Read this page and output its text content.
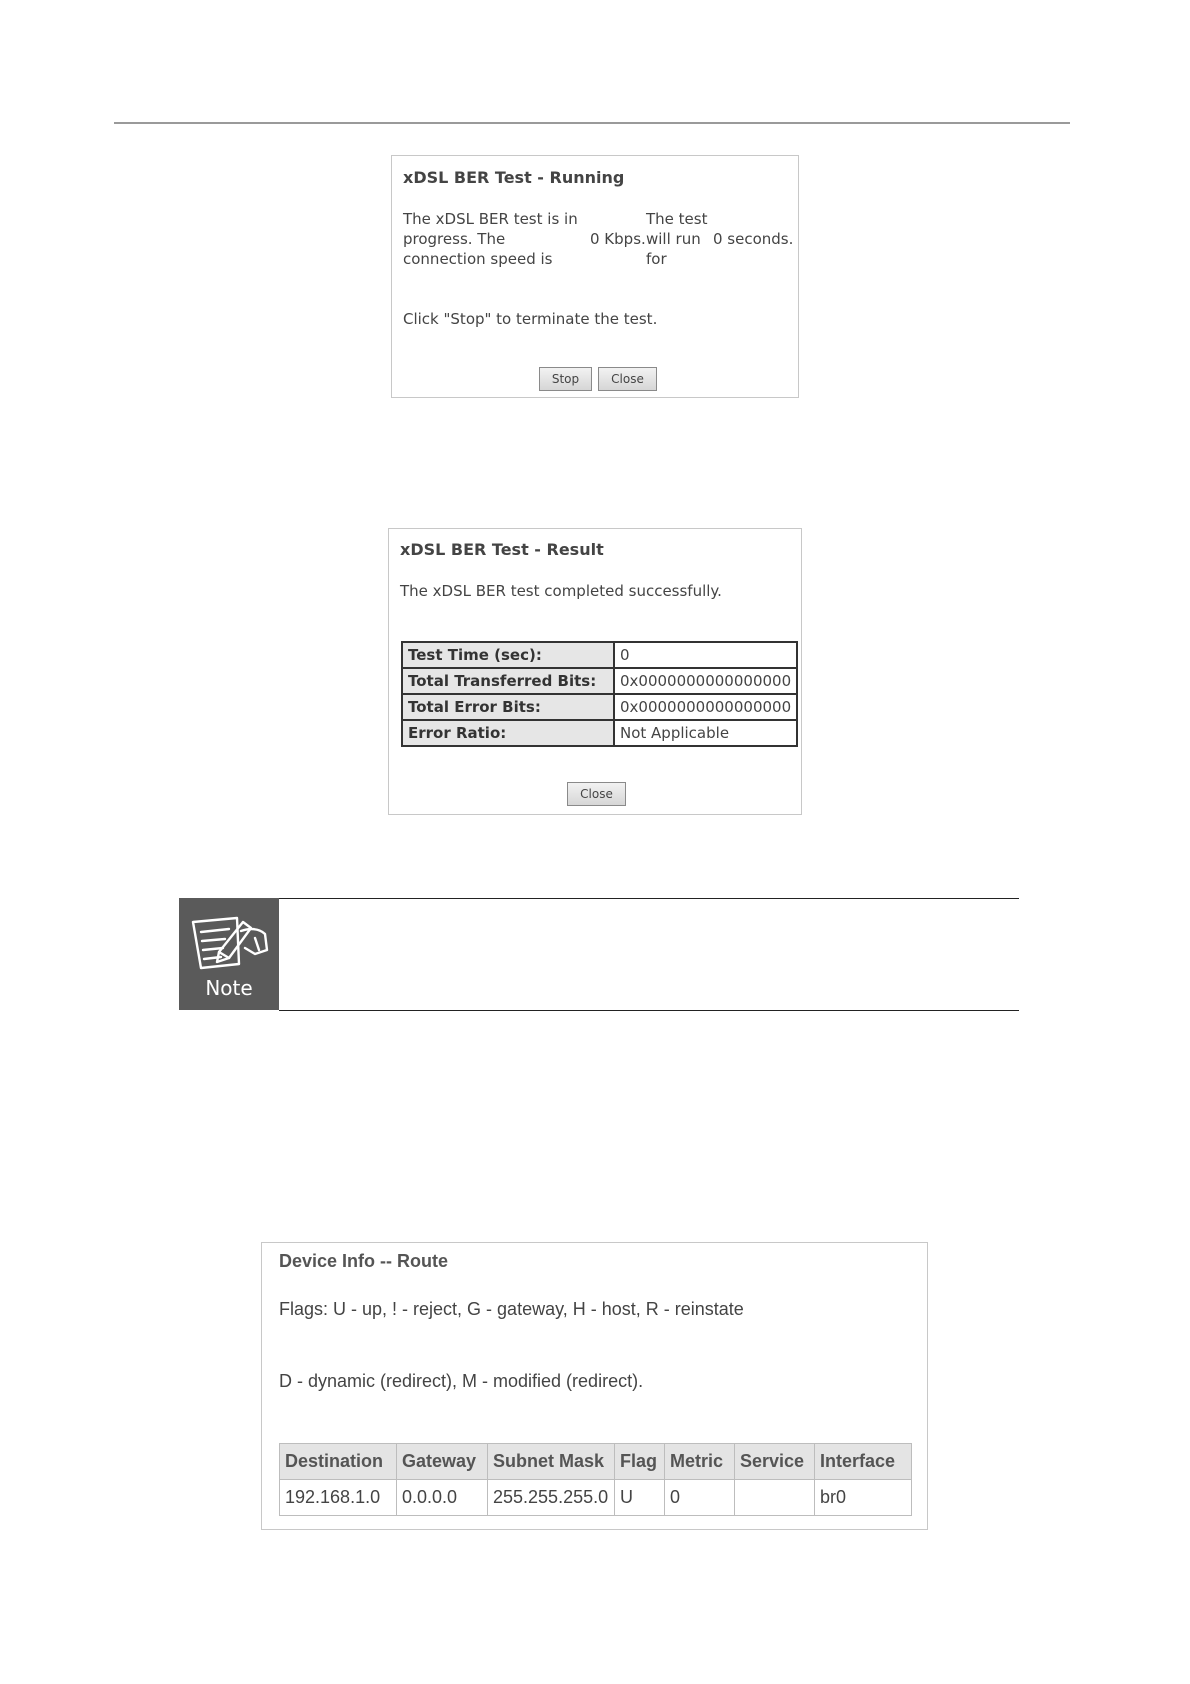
xDSL BER Test - Running
The xDSL BER test is in
progress. The
connection speed is
0 Kbps.
The test
will run
for
0 seconds.
Click "Stop" to terminate the test.
Stop	Close
xDSL BER Test - Result
The xDSL BER test completed successfully.
Test Time (sec):	0
Total Transferred Bits:	0x0000000000000000
Total Error Bits:	0x0000000000000000
Error Ratio:	Not Applicable
Close
Note
Device Info -- Route
Flags: U - up, ! - reject, G - gateway, H - host, R - reinstate
D - dynamic (redirect), M - modified (redirect).
Destination	Gateway	Subnet Mask	Flag	Metric	Service	Interface
192.168.1.0	0.0.0.0	255.255.255.0	U	0		br0
